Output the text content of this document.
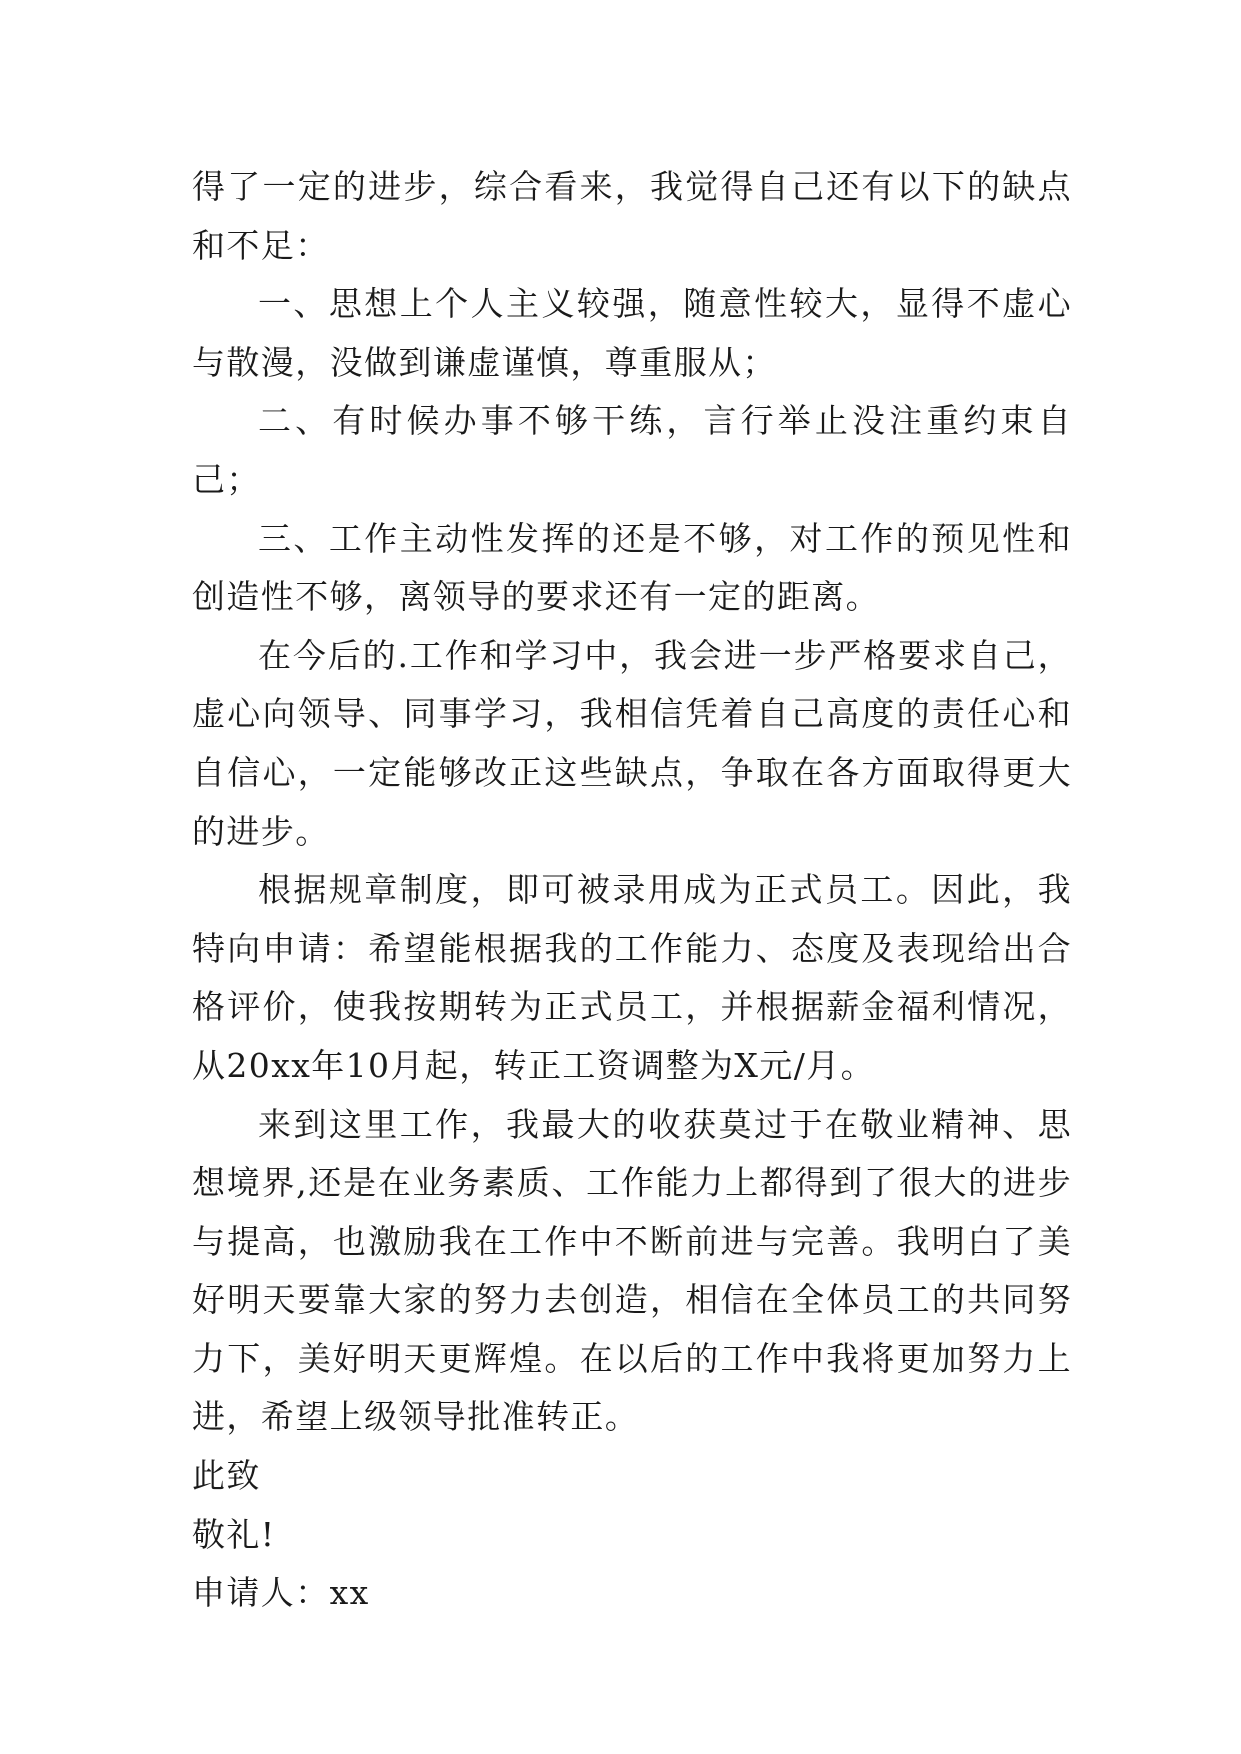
得了一定的进步，综合看来，我觉得自己还有以下的缺点和不足：

一、思想上个人主义较强，随意性较大，显得不虚心与散漫，没做到谦虚谨慎，尊重服从；

二、有时候办事不够干练，言行举止没注重约束自己；

三、工作主动性发挥的还是不够，对工作的预见性和创造性不够，离领导的要求还有一定的距离。

在今后的.工作和学习中，我会进一步严格要求自己，虚心向领导、同事学习，我相信凭着自己高度的责任心和自信心，一定能够改正这些缺点，争取在各方面取得更大的进步。

根据规章制度，即可被录用成为正式员工。因此，我特向申请：希望能根据我的工作能力、态度及表现给出合格评价，使我按期转为正式员工，并根据薪金福利情况，从20xx年10月起，转正工资调整为X元/月。

来到这里工作，我最大的收获莫过于在敬业精神、思想境界,还是在业务素质、工作能力上都得到了很大的进步与提高，也激励我在工作中不断前进与完善。我明白了美好明天要靠大家的努力去创造，相信在全体员工的共同努力下，美好明天更辉煌。在以后的工作中我将更加努力上进，希望上级领导批准转正。

此致

敬礼!

申请人：xx
